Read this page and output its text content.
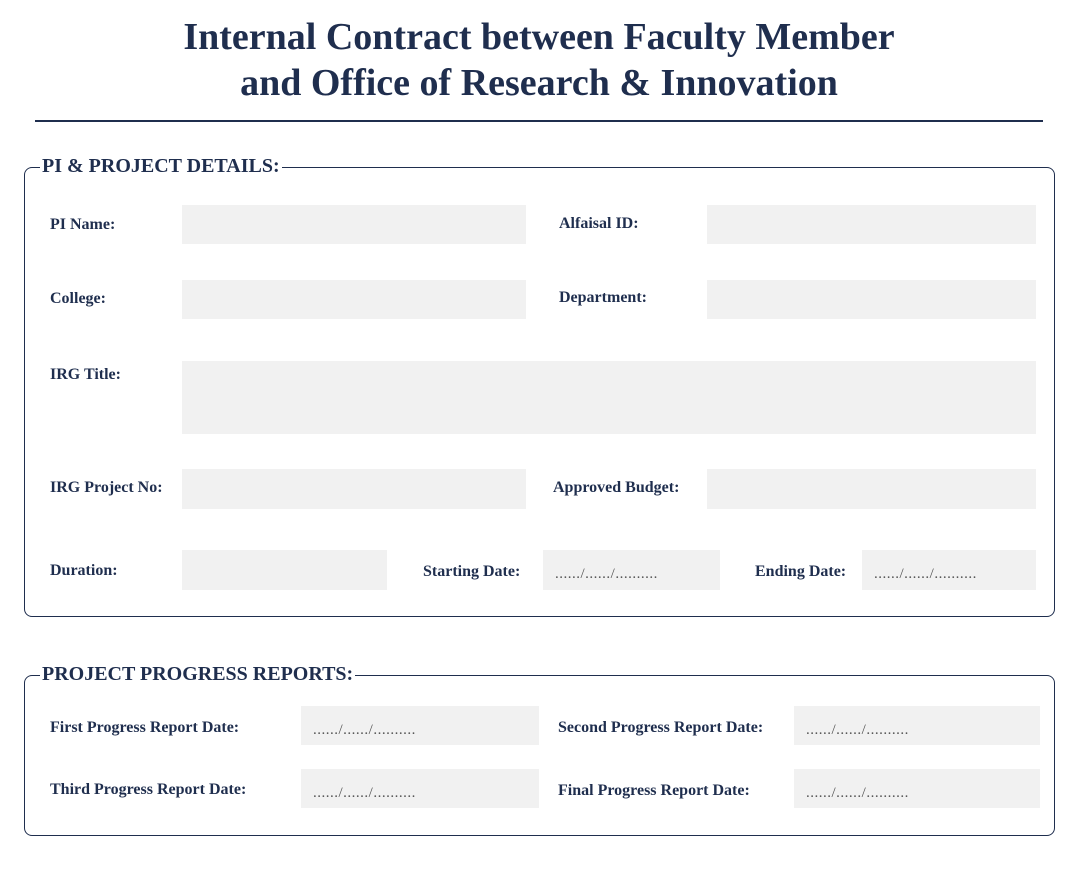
Internal Contract between Faculty Member
and Office of Research & Innovation
PI & PROJECT DETAILS:
PI Name:	Alfaisal ID:
College:	Department:
IRG Title:
IRG Project No:	Approved Budget:
Duration:	Starting Date:	....../....../..........	Ending Date:	....../....../..........
PROJECT PROGRESS REPORTS:
First Progress Report Date:	....../....../..........	Second Progress Report Date:	....../....../..........
Third Progress Report Date:	....../....../..........	Final Progress Report Date:	....../....../..........
